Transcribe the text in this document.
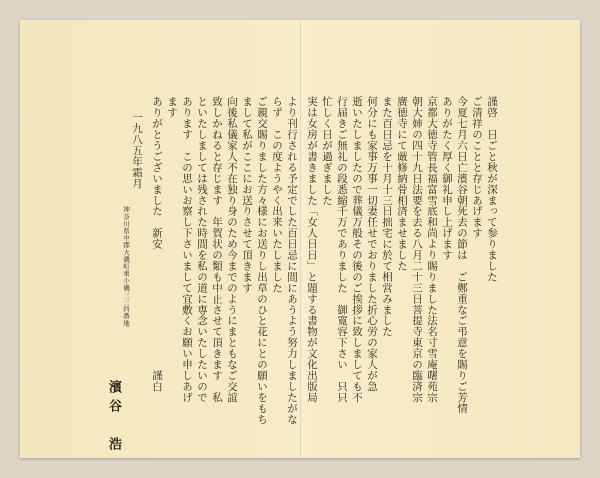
謹啓　日ごと秋が深まって参りました
ご清祥のことと存じあげます
今夏七月六日亡濱谷朝死去の節は　ご鄭重なご弔意を賜りご芳情
ありがたく厚く御礼申し上げます
京都大徳寺管長福富雪底和尚より賜りました法名寸雪庵曙苑宗
朝大姉の四十九日法要を去る八月二十三日菩提寺東京の臨済宗
廣徳寺にて厳修納骨相済ませました
また百日忌を十月十三日拙宅に於て相営みました
何分にも家事万事一切妻任せでおりました折心労の家人が急
逝いたしましたので葬儀万般その後のご挨拶に致しましても不
行届きご無礼の段悉縮千万でありました　御寛容下さい　只只
忙しく日が過ぎました
実は女房が書きました「女人日日」と題する書物が文化出版局
より刊行される予定でした百日忌に間にあうよう努力しましたがな
らず　この度ようやく出来いたしました
ご親交賜りました方々様にお送りし出草のひと花にとの願いをもち
まして私がここにお送りさせて頂きます
向後私儀家人不在独り身のため今までのようにまともなご交誼
致しかねると存じます　年賀状の類も中止させて頂きます　私
といたしましては残された時間を私の道に専念いたしたいので
あります　この思いお察し下さいまして宜敷くお願い申しあげ
ます
ありがとうございました　新安
謹白
一九八五年霜月
神奈川県中郡大磯町東小磯三三四番地
濱谷　浩
